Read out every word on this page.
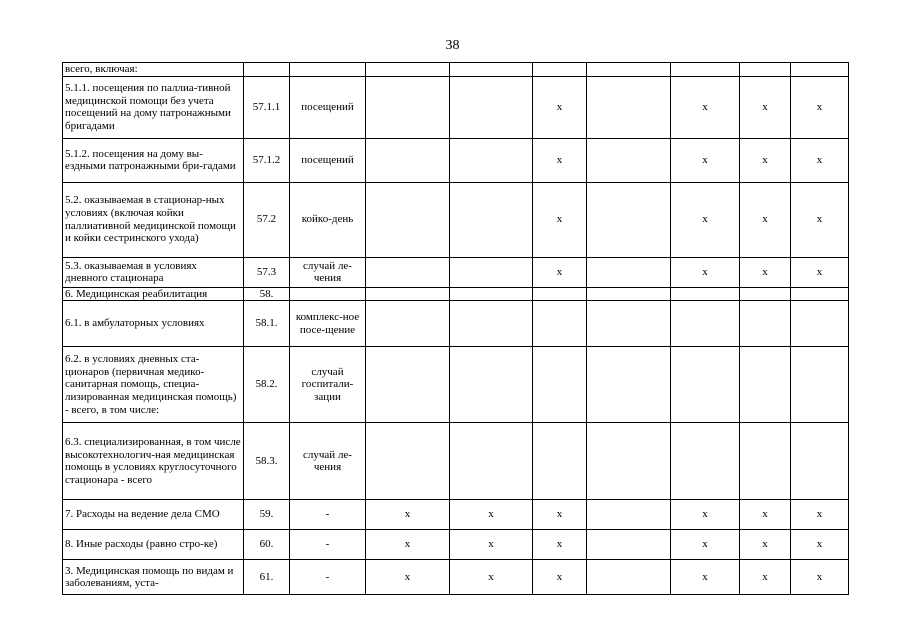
38
всего, включая:									
5.1.1. посещения по паллиа-тивной медицинской помощи без учета посещений на дому патронажными бригадами	57.1.1	посещений			х		х	х	х
5.1.2. посещения на дому вы-ездными патронажными бри-гадами	57.1.2	посещений			х		х	х	х
5.2. оказываемая в стационар-ных условиях (включая койки паллиативной медицинской помощи и койки сестринского ухода)	57.2	койко-день			х		х	х	х
5.3. оказываемая в условиях дневного стационара	57.3	случай ле-чения			х		х	х	х
6. Медицинская реабилитация	58.								
6.1. в амбулаторных условиях	58.1.	комплекс-ное посе-щение							
6.2. в условиях дневных ста-ционаров (первичная медико-санитарная помощь, специа-лизированная медицинская помощь) - всего, в том числе:	58.2.	случай госпитали-зации							
6.3. специализированная, в том числе высокотехнологич-ная медицинская помощь в условиях круглосуточного стационара - всего	58.3.	случай ле-чения							
7. Расходы на ведение дела СМО	59.	-	х	х	х		х	х	х
8. Иные расходы (равно стро-ке)	60.	-	х	х	х		х	х	х
3. Медицинская помощь по видам и заболеваниям, уста-	61.	-	х	х	х		х	х	х
